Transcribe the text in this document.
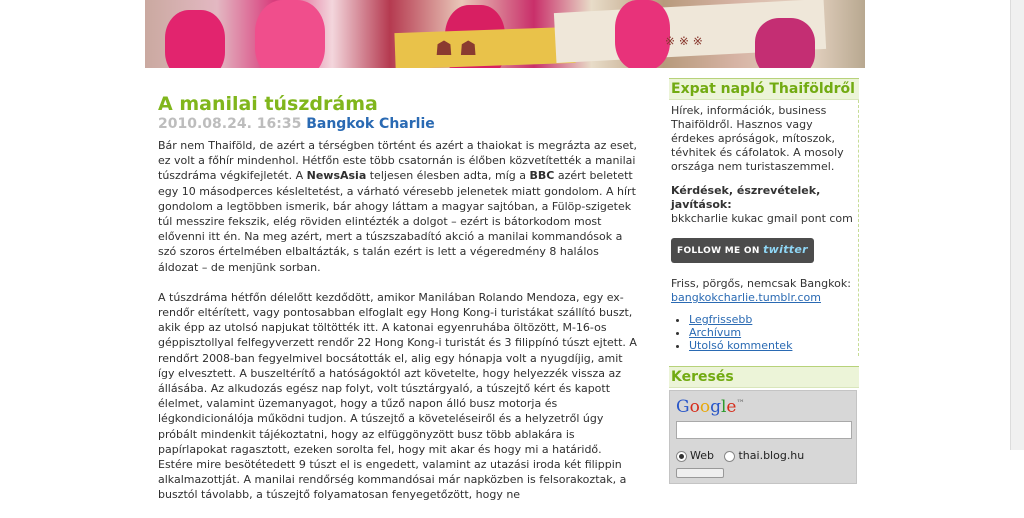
☗ ☗	※ ※ ※
A manilai túszdráma
2010.08.24. 16:35 Bangkok Charlie

Bár nem Thaiföld, de azért a térségben történt és azért a thaiokat is megrázta az eset, ez volt a főhír mindenhol. Hétfőn este több csatornán is élőben közvetítették a manilai túszdráma végkifejletét. A NewsAsia teljesen élesben adta, míg a BBC azért beletett egy 10 másodperces késleltetést, a várható véresebb jelenetek miatt gondolom. A hírt gondolom a legtöbben ismerik, bár ahogy láttam a magyar sajtóban, a Fülöp-szigetek túl messzire fekszik, elég röviden elintézték a dolgot – ezért is bátorkodom most elővenni itt én. Na meg azért, mert a túszszabadító akció a manilai kommandósok a szó szoros értelmében elbaltázták, s talán ezért is lett a végeredmény 8 halálos áldozat – de menjünk sorban.

A túszdráma hétfőn délelőtt kezdődött, amikor Manilában Rolando Mendoza, egy ex-rendőr eltérített, vagy pontosabban elfoglalt egy Hong Kong-i turistákat szállító buszt, akik épp az utolsó napjukat töltötték itt. A katonai egyenruhába öltözött, M-16-os géppisztollyal felfegyverzett rendőr 22 Hong Kong-i turistát és 3 filippínó túszt ejtett. A rendőrt 2008-ban fegyelmivel bocsátották el, alig egy hónapja volt a nyugdíjig, amit így elvesztett. A buszeltérítő a hatóságoktól azt követelte, hogy helyezzék vissza az állásába. Az alkudozás egész nap folyt, volt túsztárgyaló, a túszejtő kért és kapott élelmet, valamint üzemanyagot, hogy a tűző napon álló busz motorja és légkondicionálója működni tudjon. A túszejtő a követeléseiről és a helyzetről úgy próbált mindenkit tájékoztatni, hogy az elfüggönyzött busz több ablakára is papírlapokat ragasztott, ezeken sorolta fel, hogy mit akar és hogy mi a határidő. Estére mire besötétedett 9 túszt el is engedett, valamint az utazási iroda két filippin alkalmazottját. A manilai rendőrség kommandósai már napközben is felsorakoztak, a busztól távolabb, a túszejtő folyamatosan fenyegetőzött, hogy ne

Expat napló Thaiföldről

Hírek, információk, business Thaiföldről. Hasznos vagy érdekes apróságok, mítoszok, tévhitek és cáfolatok. A mosoly országa nem turistaszemmel.

Kérdések, észrevételek, javítások:
bkkcharlie kukac gmail pont com

FOLLOW ME ON twitter

Friss, pörgős, nemcsak Bangkok:
bangkokcharlie.tumblr.com

• Legfrissebb
• Archívum
• Utolsó kommentek
Keresés
Google™
Web thai.blog.hu
